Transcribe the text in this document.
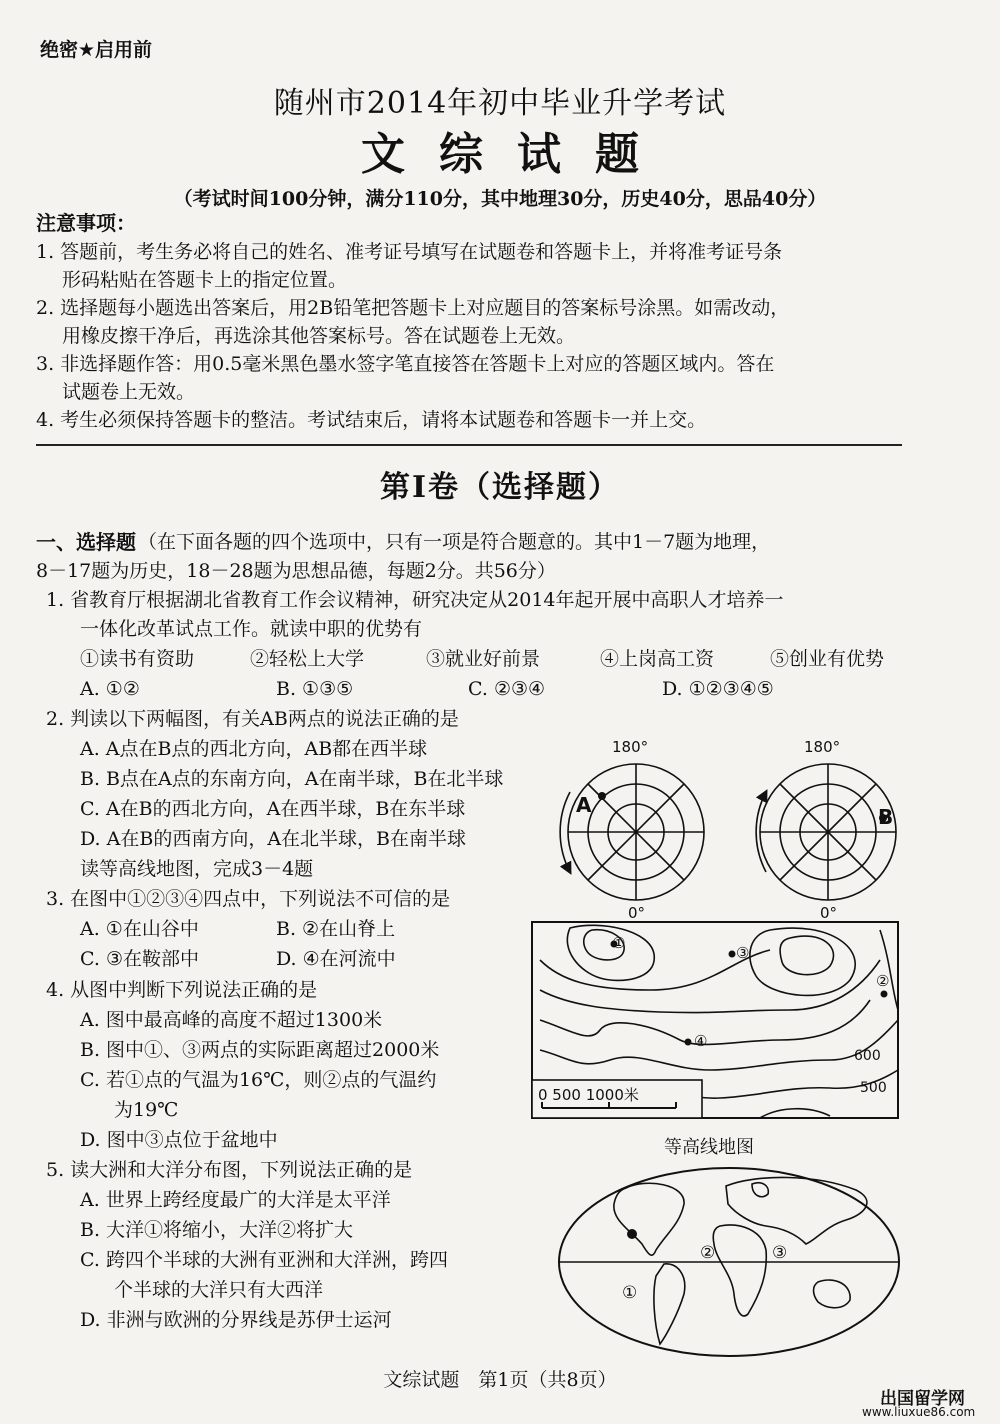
绝密★启用前
随州市2014年初中毕业升学考试
文综试题
（考试时间100分钟，满分110分，其中地理30分，历史40分，思品40分）
注意事项：
1. 答题前，考生务必将自己的姓名、准考证号填写在试题卷和答题卡上，并将准考证号条
形码粘贴在答题卡上的指定位置。
2. 选择题每小题选出答案后，用2B铅笔把答题卡上对应题目的答案标号涂黑。如需改动，
用橡皮擦干净后，再选涂其他答案标号。答在试题卷上无效。
3. 非选择题作答：用0.5毫米黑色墨水签字笔直接答在答题卡上对应的答题区域内。答在
试题卷上无效。
4. 考生必须保持答题卡的整洁。考试结束后，请将本试题卷和答题卡一并上交。
第Ⅰ卷（选择题）
一、选择题 （在下面各题的四个选项中，只有一项是符合题意的。其中1－7题为地理，
8－17题为历史，18－28题为思想品德，每题2分。共56分）
1. 省教育厅根据湖北省教育工作会议精神，研究决定从2014年起开展中高职人才培养一
一体化改革试点工作。就读中职的优势有
①读书有资助	②轻松上大学	③就业好前景	④上岗高工资	⑤创业有优势
A. ①②	B. ①③⑤	C. ②③④	D. ①②③④⑤
2. 判读以下两幅图，有关AB两点的说法正确的是
A. A点在B点的西北方向，AB都在西半球
B. B点在A点的东南方向，A在南半球，B在北半球
C. A在B的西北方向，A在西半球，B在东半球
D. A在B的西南方向，A在北半球，B在南半球
读等高线地图，完成3－4题
3. 在图中①②③④四点中，下列说法不可信的是
A. ①在山谷中	B. ②在山脊上
C. ③在鞍部中	D. ④在河流中
4. 从图中判断下列说法正确的是
A. 图中最高峰的高度不超过1300米
B. 图中①、③两点的实际距离超过2000米
C. 若①点的气温为16℃，则②点的气温约
为19℃
D. 图中③点位于盆地中
5. 读大洲和大洋分布图，下列说法正确的是
A. 世界上跨经度最广的大洋是太平洋
B. 大洋①将缩小，大洋②将扩大
C. 跨四个半球的大洲有亚洲和大洋洲，跨四
个半球的大洋只有大西洋
D. 非洲与欧洲的分界线是苏伊士运河
A
180°
0°
B
180°
0°
①
②
③
④
600
500
0 500 1000米
等高线地图
①
②	③
文综试题　第1页（共8页）
出国留学网
www.liuxue86.com
